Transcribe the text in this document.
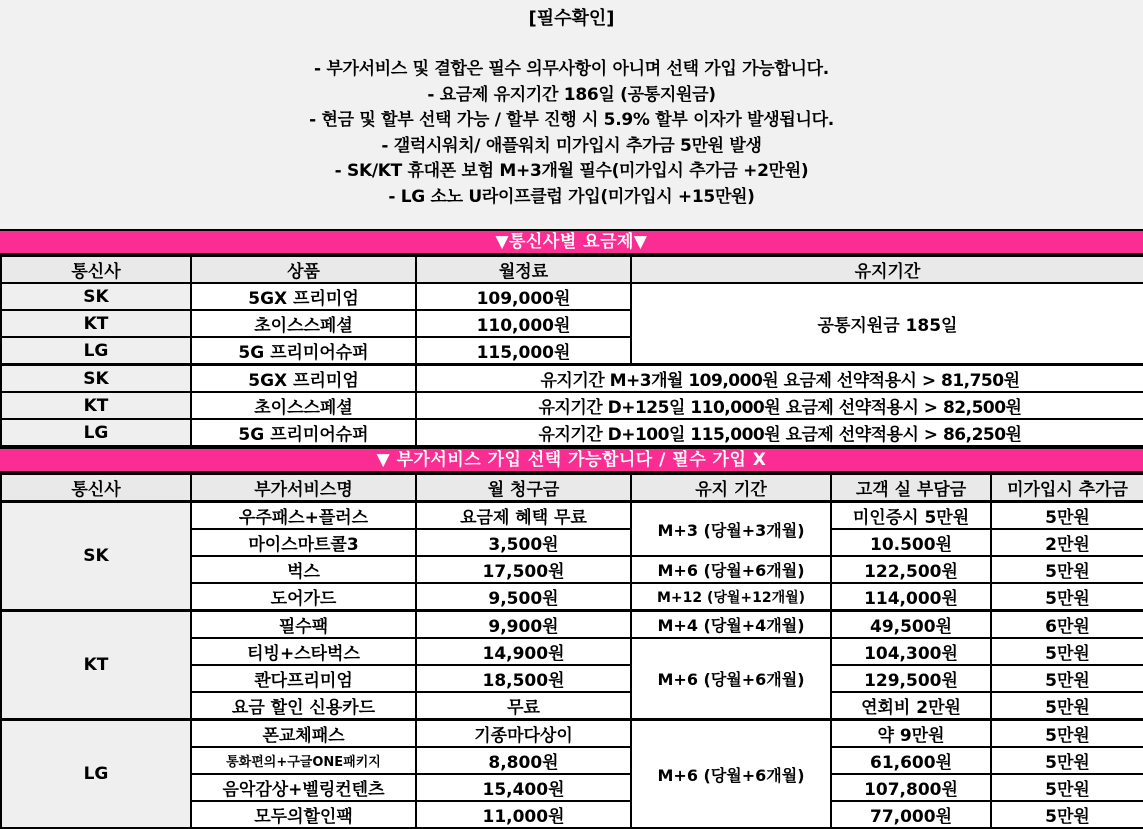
[필수확인]

- 부가서비스 및 결합은 필수 의무사항이 아니며 선택 가입 가능합니다.

- 요금제 유지기간 186일 (공통지원금)

- 현금 및 할부 선택 가능 / 할부 진행 시 5.9% 할부 이자가 발생됩니다.

- 갤럭시워치/ 애플워치 미가입시 추가금 5만원 발생

- SK/KT 휴대폰 보험 M+3개월 필수(미가입시 추가금 +2만원)

- LG 소노 U라이프클럽 가입(미가입시 +15만원)

▼통신사별 요금제▼
통신사	상품	월정료	유지기간
SK	5GX 프리미엄	109,000원	공통지원금 185일
KT	초이스스페셜	110,000원	
LG	5G 프리미어슈퍼	115,000원	
SK	5GX 프리미엄	유지기간 M+3개월 109,000원 요금제 선약적용시 > 81,750원	
KT	초이스스페셜	유지기간 D+125일 110,000원 요금제 선약적용시 > 82,500원	
LG	5G 프리미어슈퍼	유지기간 D+100일 115,000원 요금제 선약적용시 > 86,250원	
▼ 부가서비스 가입 선택 가능합니다 / 필수 가입 X
통신사	부가서비스명	월 청구금	유지 기간	고객 실 부담금	미가입시 추가금
SK	우주패스+플러스	요금제 혜택 무료	M+3 (당월+3개월)	미인증시 5만원	5만원
	마이스마트콜3	3,500원		10.500원	2만원
	벅스	17,500원	M+6 (당월+6개월)	122,500원	5만원
	도어가드	9,500원	M+12 (당월+12개월)	114,000원	5만원
KT	필수팩	9,900원	M+4 (당월+4개월)	49,500원	6만원
	티빙+스타벅스	14,900원	M+6 (당월+6개월)	104,300원	5만원
	콴다프리미엄	18,500원		129,500원	5만원
	요금 할인 신용카드	무료		연회비 2만원	5만원
LG	폰교체패스	기종마다상이	M+6 (당월+6개월)	약 9만원	5만원
	통화편의+구글ONE패키지	8,800원		61,600원	5만원
	음악감상+벨링컨텐츠	15,400원		107,800원	5만원
	모두의할인팩	11,000원		77,000원	5만원
